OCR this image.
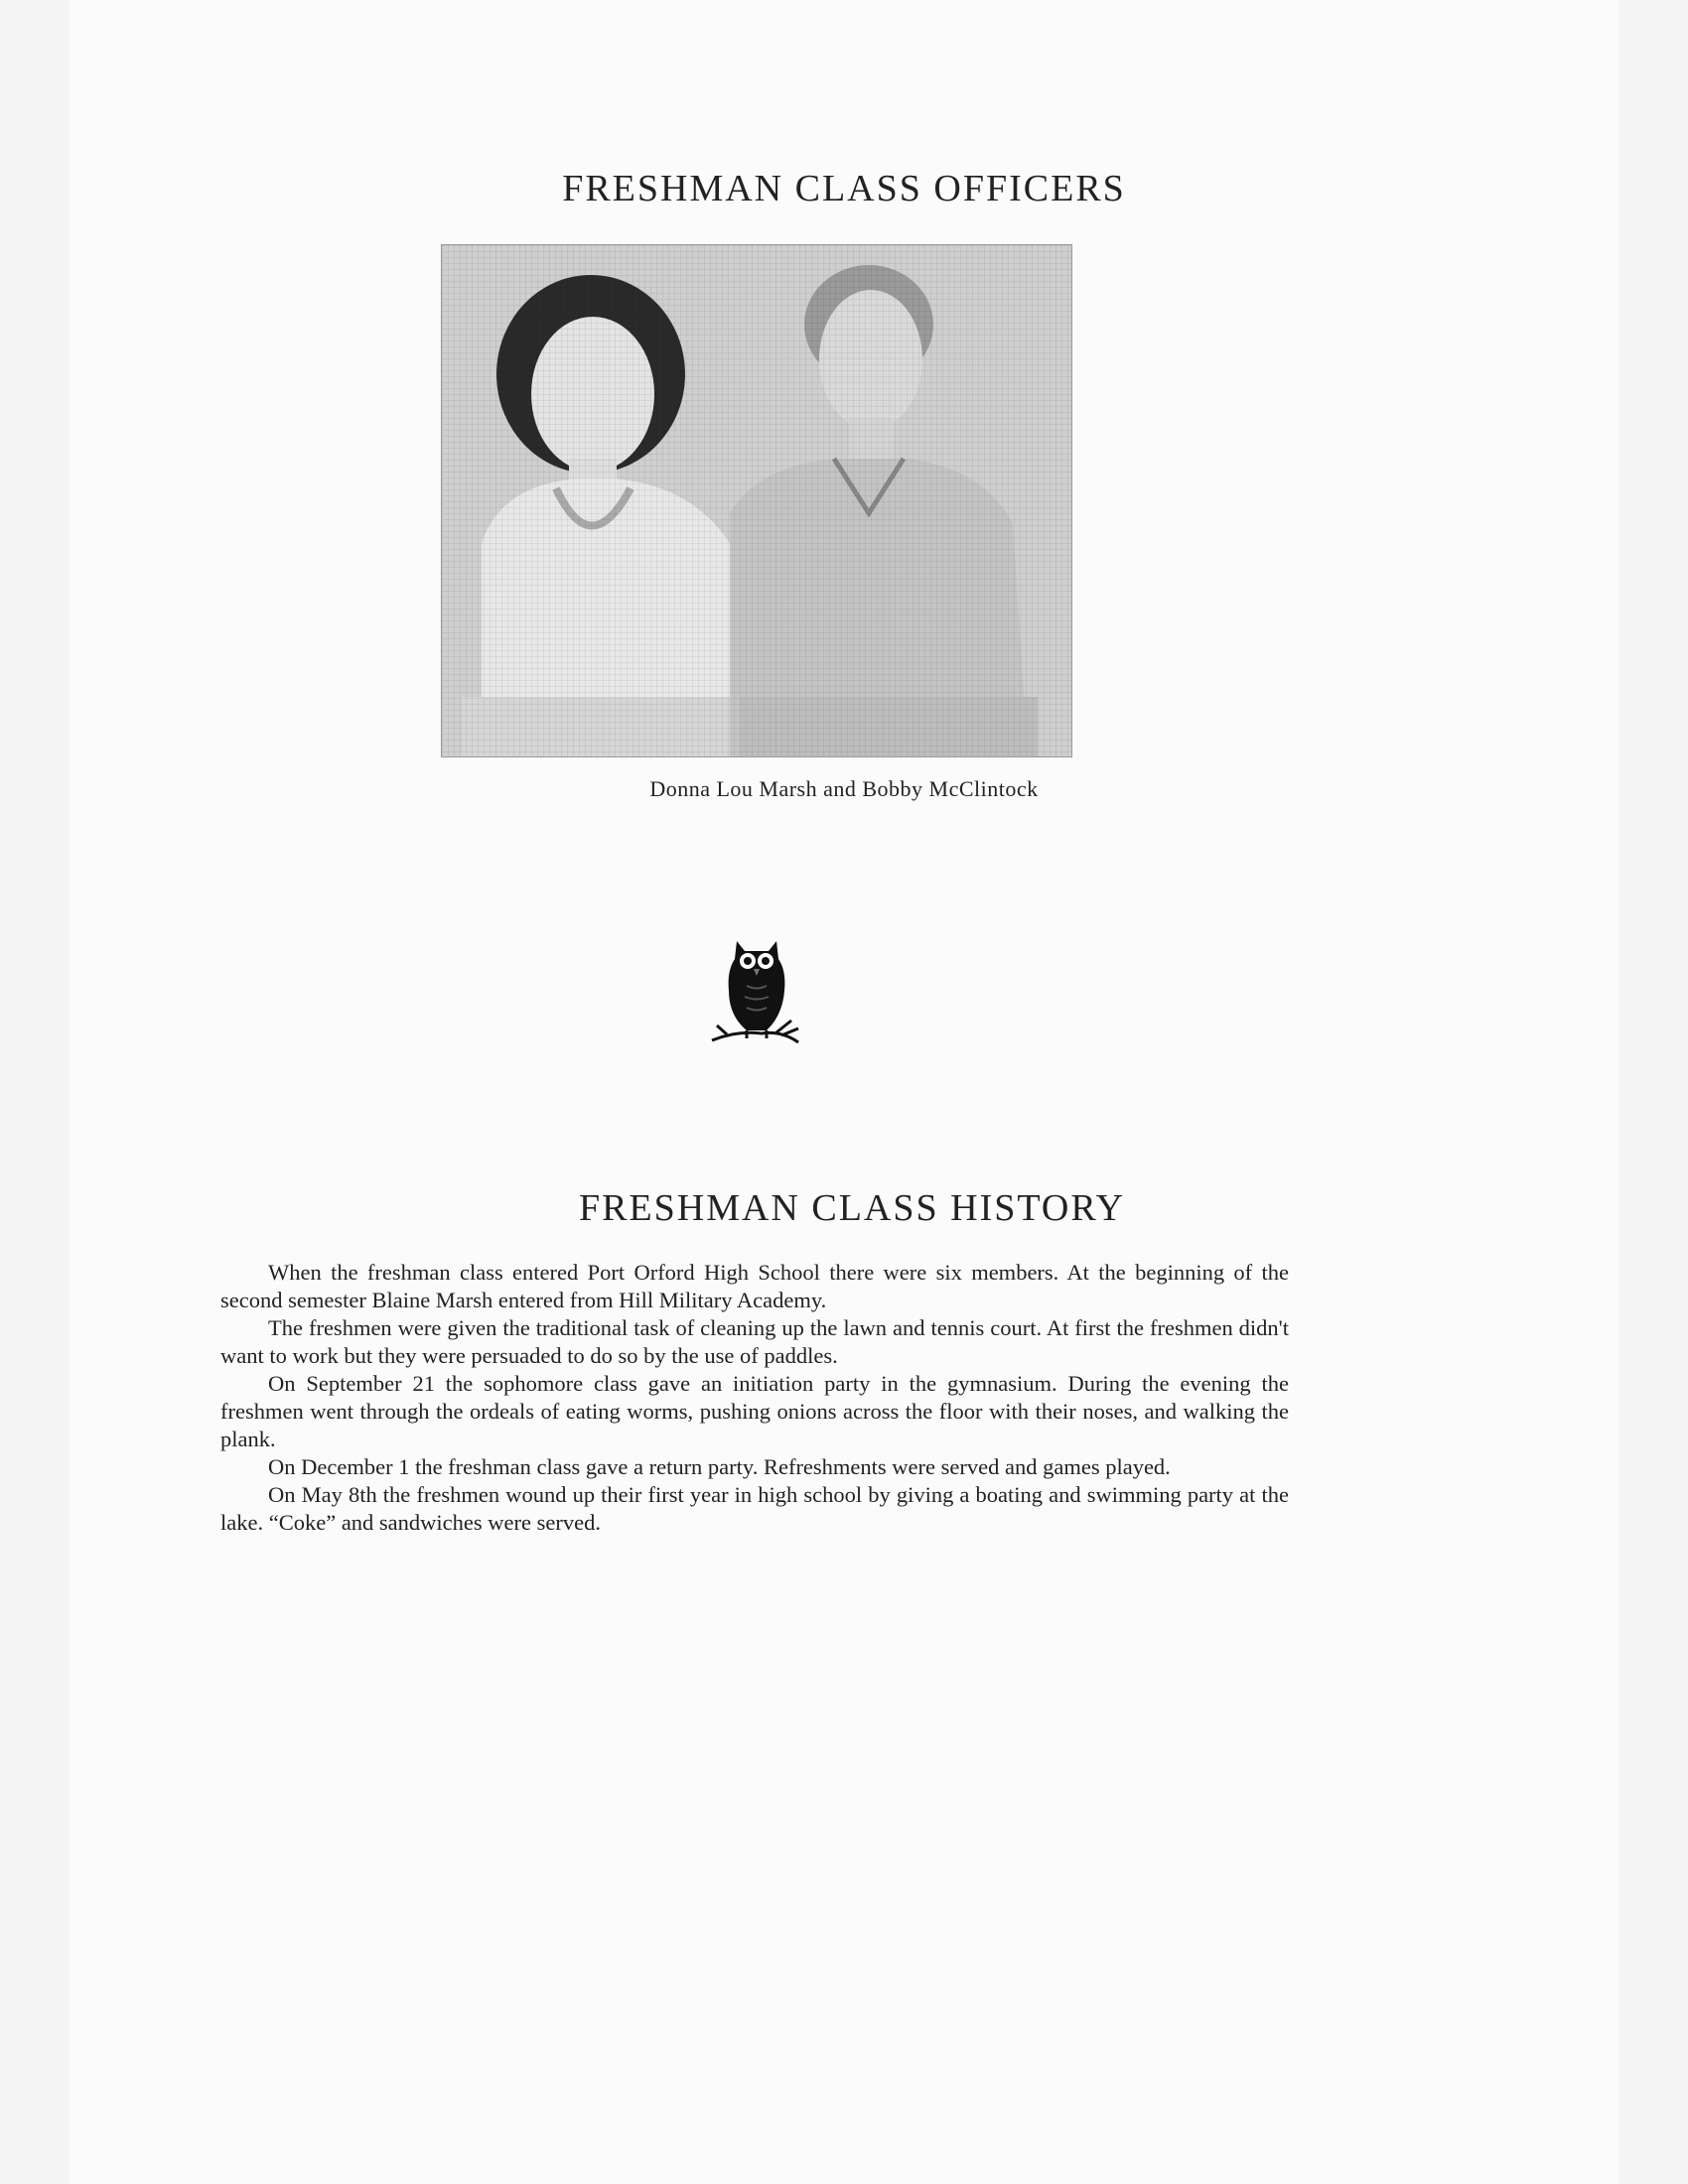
FRESHMAN CLASS OFFICERS
Donna Lou Marsh and Bobby McClintock
FRESHMAN CLASS HISTORY

When the freshman class entered Port Orford High School there were six members. At the beginning of the second semester Blaine Marsh entered from Hill Military Academy.

The freshmen were given the traditional task of cleaning up the lawn and tennis court. At first the freshmen didn't want to work but they were persuaded to do so by the use of paddles.

On September 21 the sophomore class gave an initiation party in the gymnasium. During the evening the freshmen went through the ordeals of eating worms, pushing onions across the floor with their noses, and walking the plank.

On December 1 the freshman class gave a return party. Refreshments were served and games played.

On May 8th the freshmen wound up their first year in high school by giving a boating and swimming party at the lake. “Coke” and sandwiches were served.
